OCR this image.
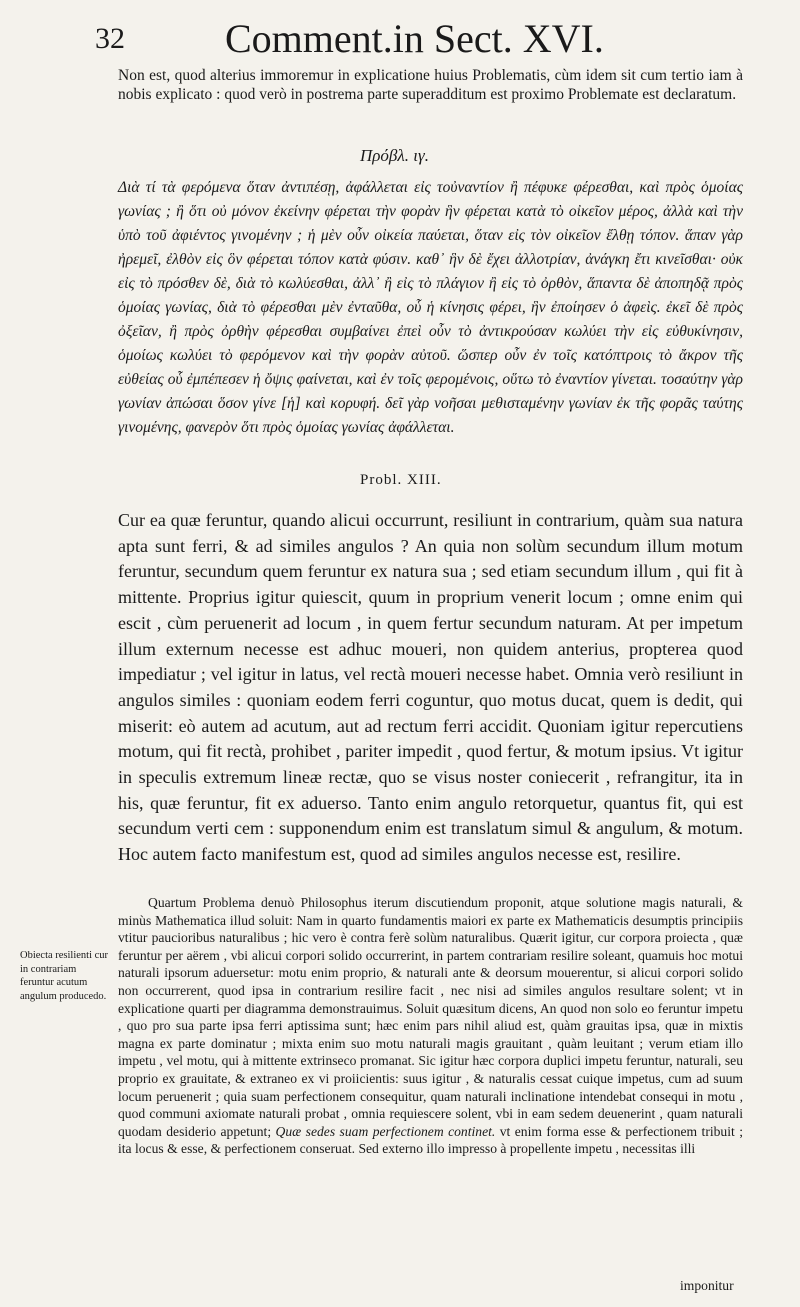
32	Comment.in Sect. XVI.
Non est, quod alterius immoremur in explicatione huius Problematis, cùm idem sit cum tertio iam à nobis explicato : quod verò in postrema parte superadditum est proximo Problemate est declaratum.
Πρόβλ. ιγ.
Διὰ τί τὰ φερόμενα ὅταν ἀντιπέσῃ, ἀφάλλεται εἰς τοὐναντίον ἢ πέφυκε φέρεσθαι, καὶ πρὸς ὁμοίας γωνίας ; ἢ ὅτι οὐ μόνον ἐκείνην φέρεται τὴν φορὰν ἣν φέρεται κατὰ τὸ οἰκεῖον μέρος, ἀλλὰ καὶ τὴν ὑπὸ τοῦ ἀφιέντος γινομένην ; ἡ μὲν οὖν οἰκεία παύεται, ὅταν εἰς τὸν οἰκεῖον ἔλθῃ τόπον. ἅπαν γὰρ ἠρεμεῖ, ἐλθὸν εἰς ὃν φέρεται τόπον κατὰ φύσιν. καθ᾽ ἣν δὲ ἔχει ἀλλοτρίαν, ἀνάγκη ἔτι κινεῖσθαι· οὐκ εἰς τὸ πρόσθεν δὲ, διὰ τὸ κωλύεσθαι, ἀλλ᾽ ἢ εἰς τὸ πλάγιον ἢ εἰς τὸ ὀρθὸν, ἅπαντα δὲ ἀποπηδᾷ πρὸς ὁμοίας γωνίας, διὰ τὸ φέρεσθαι μὲν ἐνταῦθα, οὗ ἡ κίνησις φέρει, ἣν ἐποίησεν ὁ ἀφεὶς. ἐκεῖ δὲ πρὸς ὀξεῖαν, ἢ πρὸς ὀρθὴν φέρεσθαι συμβαίνει ἐπεὶ οὖν τὸ ἀντικρούσαν κωλύει τὴν εἰς εὐθυκίνησιν, ὁμοίως κωλύει τὸ φερόμενον καὶ τὴν φορὰν αὐτοῦ. ὥσπερ οὖν ἐν τοῖς κατόπτροις τὸ ἄκρον τῆς εὐθείας οὗ ἐμπέπεσεν ἡ ὄψις φαίνεται, καὶ ἐν τοῖς φερομένοις, οὕτω τὸ ἐναντίον γίνεται. τοσαύτην γὰρ γωνίαν ἀπώσαι ὅσον γίνε [ἡ] καὶ κορυφή. δεῖ γὰρ νοῆσαι μεθισταμένην γωνίαν ἐκ τῆς φορᾶς ταύτης γινομένης, φανερὸν ὅτι πρὸς ὁμοίας γωνίας ἀφάλλεται.
Probl. XIII.
Cur ea quæ feruntur, quando alicui occurrunt, resiliunt in contrarium, quàm sua natura apta sunt ferri, & ad similes angulos ? An quia non solùm secundum illum motum feruntur, secundum quem feruntur ex natura sua ; sed etiam secundum illum , qui fit à mittente. Proprius igitur quiescit, quum in proprium venerit locum ; omne enim qui escit , cùm peruenerit ad locum , in quem fertur secundum naturam. At per impetum illum externum necesse est adhuc moueri, non quidem anterius, propterea quod impediatur ; vel igitur in latus, vel rectà moueri necesse habet. Omnia verò resiliunt in angulos similes : quoniam eodem ferri coguntur, quo motus ducat, quem is dedit, qui miserit: eò autem ad acutum, aut ad rectum ferri accidit. Quoniam igitur repercutiens motum, qui fit rectà, prohibet , pariter impedit , quod fertur, & motum ipsius. Vt igitur in speculis extremum lineæ rectæ, quo se visus noster coniecerit , refrangitur, ita in his, quæ feruntur, fit ex aduerso. Tanto enim angulo retorquetur, quantus fit, qui est secundum verti cem : supponendum enim est translatum simul & angulum, & motum. Hoc autem facto manifestum est, quod ad similes angulos necesse est, resilire.
Obiecta resilienti cur in contrariam feruntur acutum angulum producedo.
Quartum Problema denuò Philosophus iterum discutiendum proponit, atque solutione magis naturali, & minùs Mathematica illud soluit: Nam in quarto fundamentis maiori ex parte ex Mathematicis desumptis principiis vtitur paucioribus naturalibus ; hic vero è contra ferè solùm naturalibus. Quærit igitur, cur corpora proiecta , quæ feruntur per aërem , vbi alicui corpori solido occurrerint, in partem contrariam resilire soleant, quamuis hoc motui naturali ipsorum aduersetur: motu enim proprio, & naturali ante & deorsum mouerentur, si alicui corpori solido non occurrerent, quod ipsa in contrarium resilire facit , nec nisi ad similes angulos resultare solent; vt in explicatione quarti per diagramma demonstrauimus. Soluit quæsitum dicens, An quod non solo eo feruntur impetu , quo pro sua parte ipsa ferri aptissima sunt; hæc enim pars nihil aliud est, quàm grauitas ipsa, quæ in mixtis magna ex parte dominatur ; mixta enim suo motu naturali magis grauitant , quàm leuitant ; verum etiam illo impetu , vel motu, qui à mittente extrinseco promanat. Sic igitur hæc corpora duplici impetu feruntur, naturali, seu proprio ex grauitate, & extraneo ex vi proiicientis: suus igitur , & naturalis cessat cuique impetus, cum ad suum locum peruenerit ; quia suam perfectionem consequitur, quam naturali inclinatione intendebat consequi in motu , quod communi axiomate naturali probat , omnia requiescere solent, vbi in eam sedem deuenerint , quam naturali quodam desiderio appetunt; Quæ sedes suam perfectionem continet. vt enim forma esse & perfectionem tribuit ; ita locus & esse, & perfectionem conseruat. Sed externo illo impresso à propellente impetu , necessitas illi
imponitur
